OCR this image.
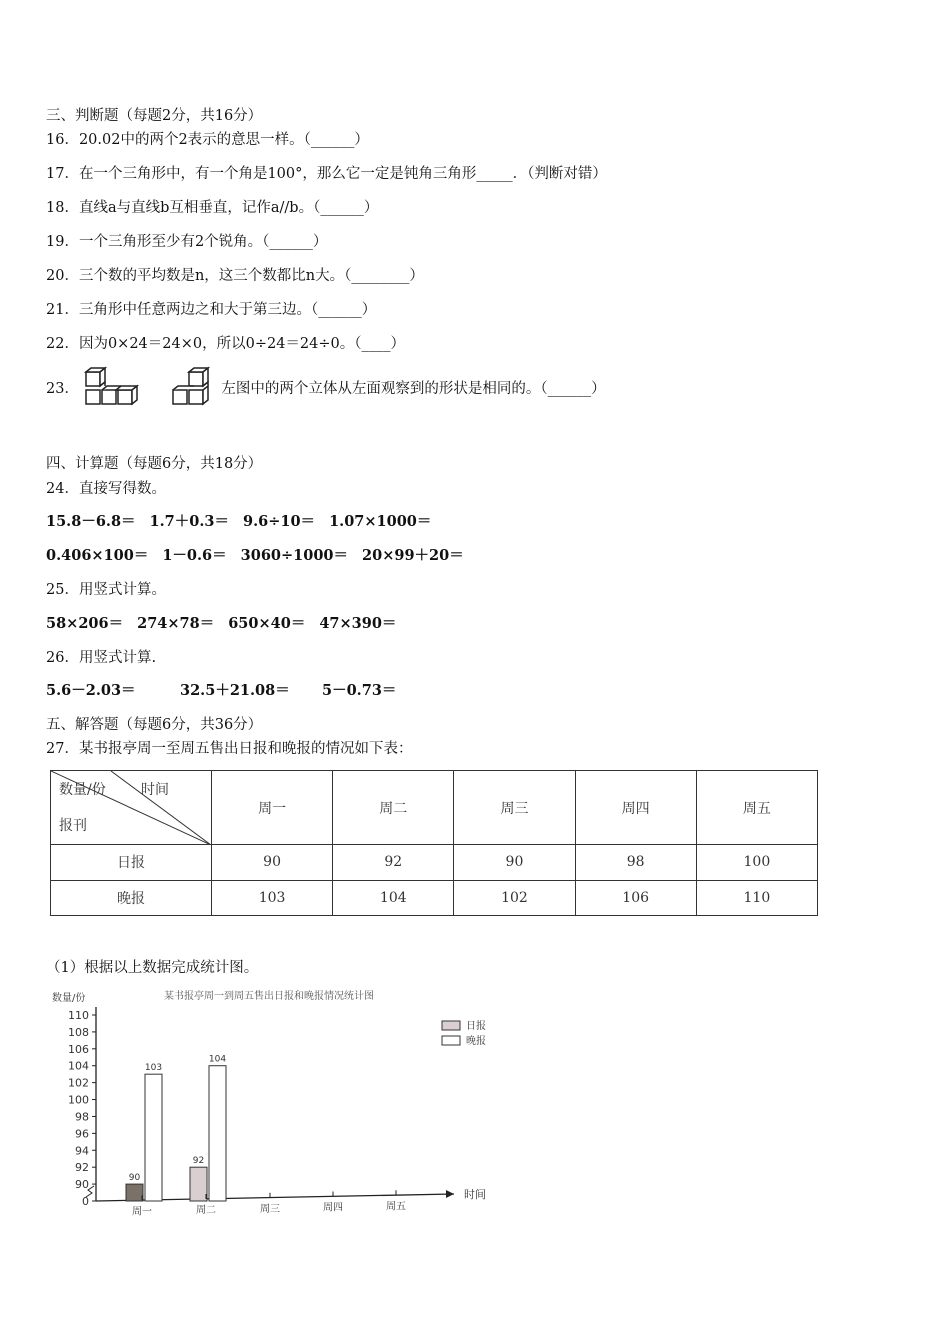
三、判断题（每题2分，共16分）
16．20.02中的两个2表示的意思一样。（______）
17．在一个三角形中，有一个角是100°，那么它一定是钝角三角形_____．（判断对错）
18．直线a与直线b互相垂直，记作a//b。（______）
19．一个三角形至少有2个锐角。（______）
20．三个数的平均数是n，这三个数都比n大。（________）
21．三角形中任意两边之和大于第三边。（______）
22．因为0×24＝24×0，所以0÷24＝24÷0。（____）
23．	左图中的两个立体从左面观察到的形状是相同的。（______）
四、计算题（每题6分，共18分）
24．直接写得数。
15.8－6.8＝ 1.7＋0.3＝ 9.6÷10＝ 1.07×1000＝
0.406×100＝ 1－0.6＝ 3060÷1000＝ 20×99＋20＝
25．用竖式计算。
58×206＝ 274×78＝ 650×40＝ 47×390＝
26．用竖式计算.
5.6－2.03＝	32.5＋21.08＝ 5－0.73＝
五、解答题（每题6分，共36分）
27．某书报亭周一至周五售出日报和晚报的情况如下表：
数量/份 时间
报刊	周一	周二	周三	周四	周五
日报	90	92	90	98	100
晚报	103	104	102	106	110
（1）根据以上数据完成统计图。
某书报亭周一到周五售出日报和晚报情况统计图
数量/份
时间
日报
晚报
0
90
92
94
96
98
100
102
104
106
108
110
90
92
103
104
周一	周二	周三	周四	周五
